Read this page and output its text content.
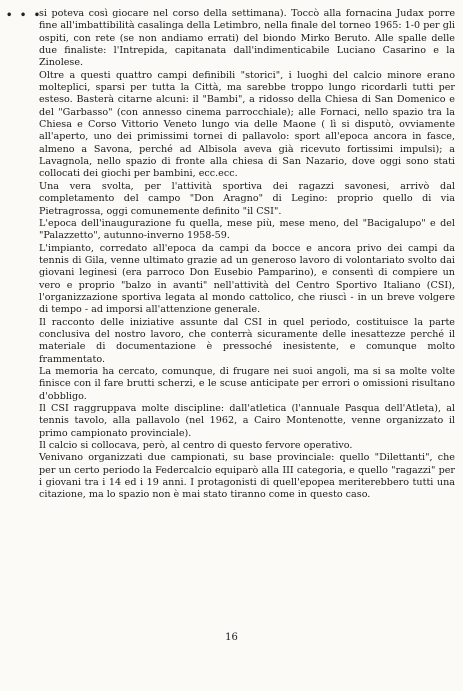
• • •

si poteva così giocare nel corso della settimana). Toccò alla fornacina Judax porre fine all'imbattibilità casalinga della Letimbro, nella finale del torneo 1965: 1-0 per gli ospiti, con rete (se non andiamo errati) del biondo Mirko Beruto. Alle spalle delle due finaliste: l'Intrepida, capitanata dall'indimenticabile Luciano Casarino e la Zinolese.

Oltre a questi quattro campi definibili "storici", i luoghi del calcio minore erano molteplici, sparsi per tutta la Città, ma sarebbe troppo lungo ricordarli tutti per esteso. Basterà citarne alcuni: il "Bambi", a ridosso della Chiesa di San Domenico e del "Garbasso" (con annesso cinema parrocchiale); alle Fornaci, nello spazio tra la Chiesa e Corso Vittorio Veneto lungo via delle Maone ( lì si disputò, ovviamente all'aperto, uno dei primissimi tornei di pallavolo: sport all'epoca ancora in fasce, almeno a Savona, perché ad Albisola aveva già ricevuto fortissimi impulsi); a Lavagnola, nello spazio di fronte alla chiesa di San Nazario, dove oggi sono stati collocati dei giochi per bambini, ecc.ecc.

Una vera svolta, per l'attività sportiva dei ragazzi savonesi, arrivò dal completamento del campo "Don Aragno" di Legino: proprio quello di via Pietragrossa, oggi comunemente definito "il CSI".

L'epoca dell'inaugurazione fu quella, mese più, mese meno, del "Bacigalupo" e del "Palazzetto", autunno-inverno 1958-59.

L'impianto, corredato all'epoca da campi da bocce e ancora privo dei campi da tennis di Gila, venne ultimato grazie ad un generoso lavoro di volontariato svolto dai giovani leginesi (era parroco Don Eusebio Pamparino), e consentì di compiere un vero e proprio "balzo in avanti" nell'attività del Centro Sportivo Italiano (CSI), l'organizzazione sportiva legata al mondo cattolico, che riuscì - in un breve volgere di tempo - ad imporsi all'attenzione generale.

Il racconto delle iniziative assunte dal CSI in quel periodo, costituisce la parte conclusiva del nostro lavoro, che conterrà sicuramente delle inesattezze perché il materiale di documentazione è pressoché inesistente, e comunque molto frammentato.

La memoria ha cercato, comunque, di frugare nei suoi angoli, ma si sa molte volte finisce con il fare brutti scherzi, e le scuse anticipate per errori o omissioni risultano d'obbligo.

Il CSI raggruppava molte discipline: dall'atletica (l'annuale Pasqua dell'Atleta), al tennis tavolo, alla pallavolo (nel 1962, a Cairo Montenotte, venne organizzato il primo campionato provinciale).

Il calcio si collocava, però, al centro di questo fervore operativo.

Venivano organizzati due campionati, su base provinciale: quello "Dilettanti", che per un certo periodo la Federcalcio equiparò alla III categoria, e quello "ragazzi" per i giovani tra i 14 ed i 19 anni. I protagonisti di quell'epopea meriterebbero tutti una citazione, ma lo spazio non è mai stato tiranno come in questo caso.

16
